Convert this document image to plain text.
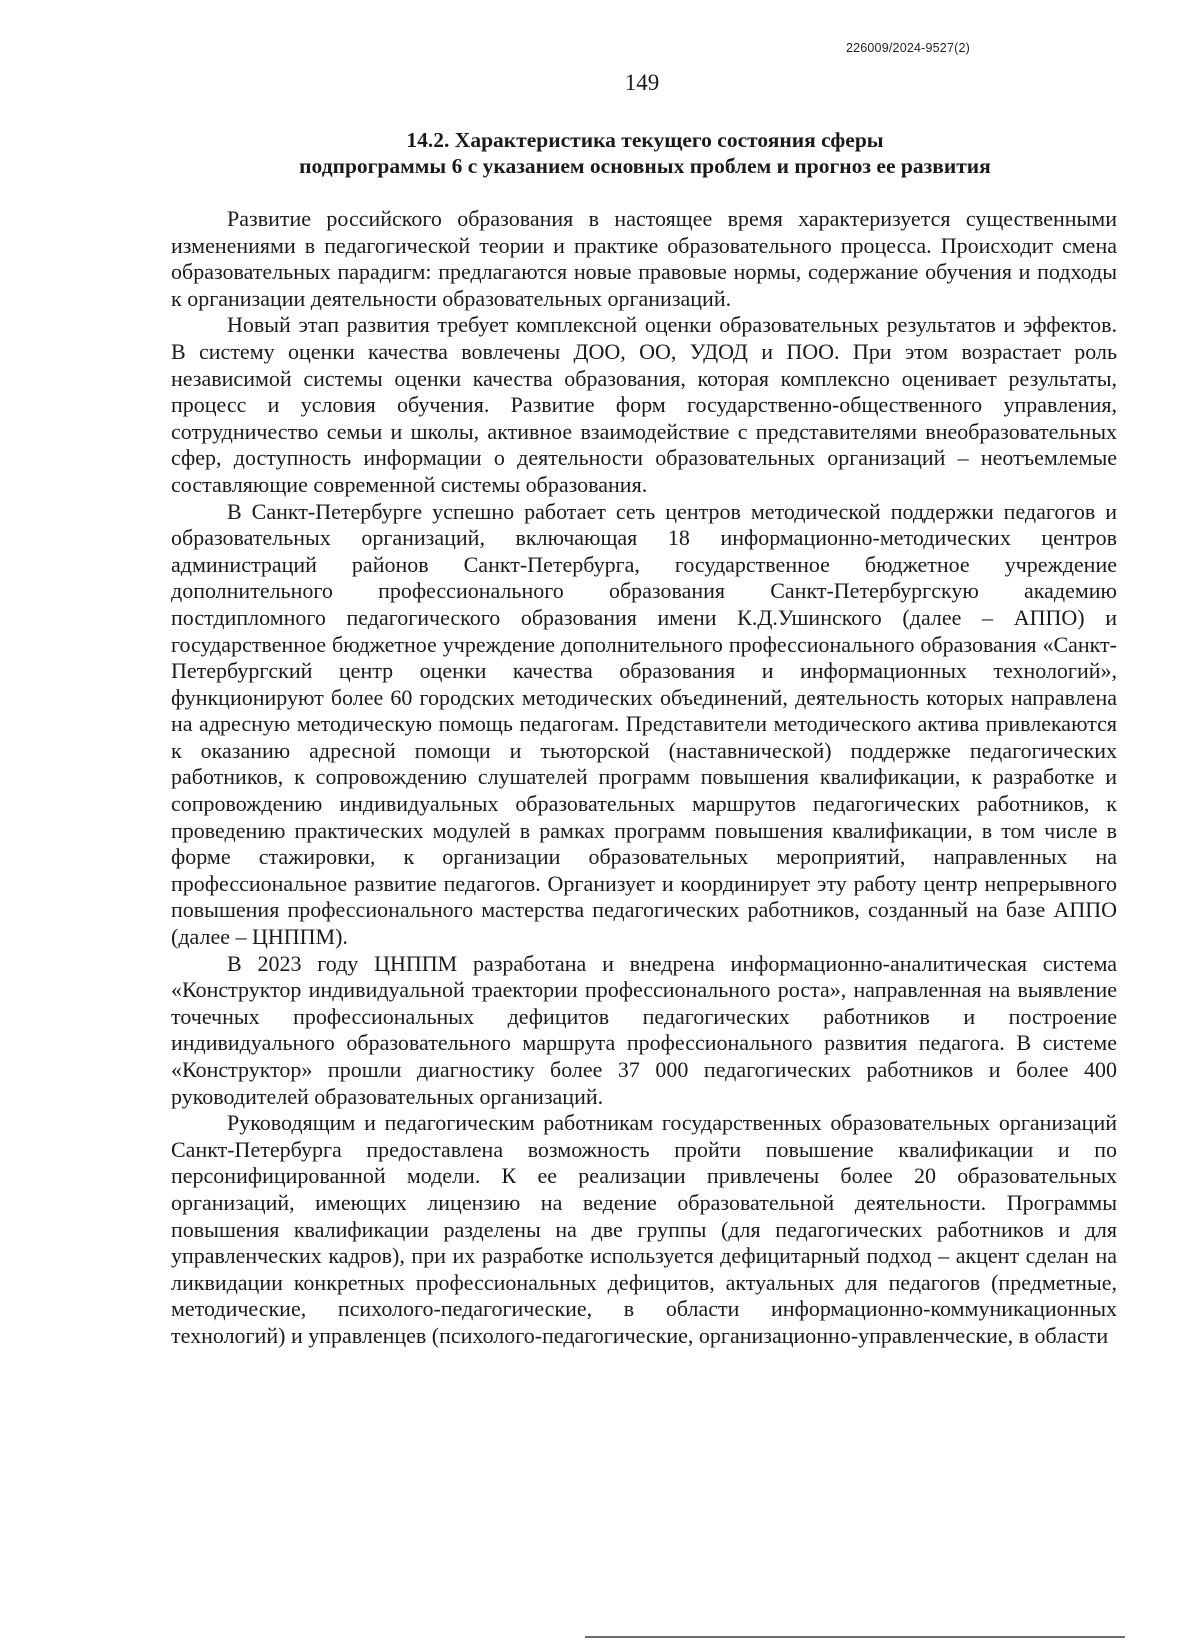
226009/2024-9527(2)
149
14.2. Характеристика текущего состояния сферы
подпрограммы 6 с указанием основных проблем и прогноз ее развития

Развитие российского образования в настоящее время характеризуется существенными изменениями в педагогической теории и практике образовательного процесса. Происходит смена образовательных парадигм: предлагаются новые правовые нормы, содержание обучения и подходы к организации деятельности образовательных организаций.

Новый этап развития требует комплексной оценки образовательных результатов и эффектов. В систему оценки качества вовлечены ДОО, ОО, УДОД и ПОО. При этом возрастает роль независимой системы оценки качества образования, которая комплексно оценивает результаты, процесс и условия обучения. Развитие форм государственно-общественного управления, сотрудничество семьи и школы, активное взаимодействие с представителями внеобразовательных сфер, доступность информации о деятельности образовательных организаций – неотъемлемые составляющие современной системы образования.

В Санкт-Петербурге успешно работает сеть центров методической поддержки педагогов и образовательных организаций, включающая 18 информационно-методических центров администраций районов Санкт-Петербурга, государственное бюджетное учреждение дополнительного профессионального образования Санкт-Петербургскую академию постдипломного педагогического образования имени К.Д.Ушинского (далее – АППО) и государственное бюджетное учреждение дополнительного профессионального образования «Санкт-Петербургский центр оценки качества образования и информационных технологий», функционируют более 60 городских методических объединений, деятельность которых направлена на адресную методическую помощь педагогам. Представители методического актива привлекаются к оказанию адресной помощи и тьюторской (наставнической) поддержке педагогических работников, к сопровождению слушателей программ повышения квалификации, к разработке и сопровождению индивидуальных образовательных маршрутов педагогических работников, к проведению практических модулей в рамках программ повышения квалификации, в том числе в форме стажировки, к организации образовательных мероприятий, направленных на профессиональное развитие педагогов. Организует и координирует эту работу центр непрерывного повышения профессионального мастерства педагогических работников, созданный на базе АППО (далее – ЦНППМ).

В 2023 году ЦНППМ разработана и внедрена информационно-аналитическая система «Конструктор индивидуальной траектории профессионального роста», направленная на выявление точечных профессиональных дефицитов педагогических работников и построение индивидуального образовательного маршрута профессионального развития педагога. В системе «Конструктор» прошли диагностику более 37 000 педагогических работников и более 400 руководителей образовательных организаций.

Руководящим и педагогическим работникам государственных образовательных организаций Санкт-Петербурга предоставлена возможность пройти повышение квалификации и по персонифицированной модели. К ее реализации привлечены более 20 образовательных организаций, имеющих лицензию на ведение образовательной деятельности. Программы повышения квалификации разделены на две группы (для педагогических работников и для управленческих кадров), при их разработке используется дефицитарный подход – акцент сделан на ликвидации конкретных профессиональных дефицитов, актуальных для педагогов (предметные, методические, психолого-педагогические, в области информационно-коммуникационных технологий) и управленцев (психолого-педагогические, организационно-управленческие, в области
